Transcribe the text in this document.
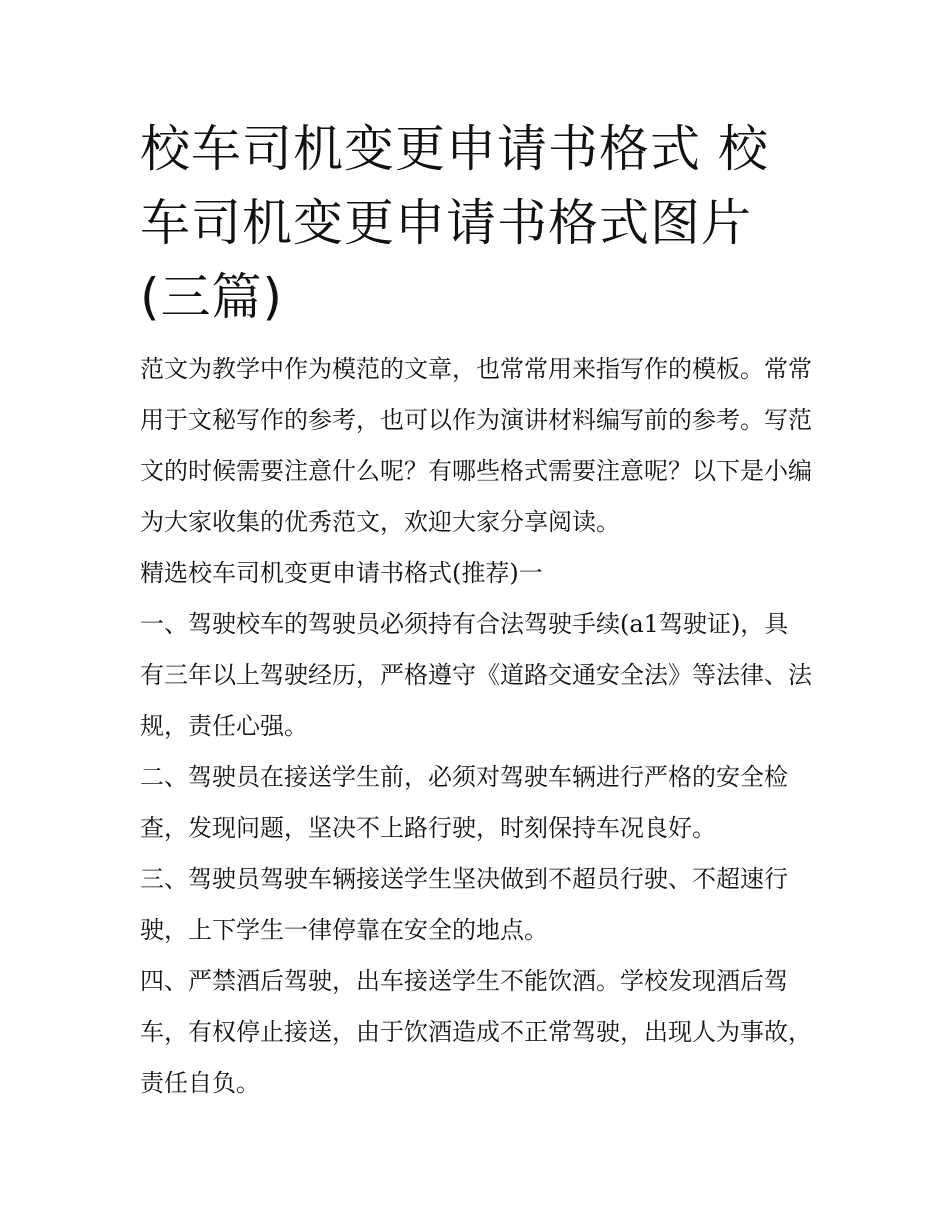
校车司机变更申请书格式 校车司机变更申请书格式图片(三篇)

范文为教学中作为模范的文章，也常常用来指写作的模板。常常用于文秘写作的参考，也可以作为演讲材料编写前的参考。写范文的时候需要注意什么呢？有哪些格式需要注意呢？以下是小编为大家收集的优秀范文，欢迎大家分享阅读。

精选校车司机变更申请书格式(推荐)一

一、驾驶校车的驾驶员必须持有合法驾驶手续(a1驾驶证)，具有三年以上驾驶经历，严格遵守《道路交通安全法》等法律、法规，责任心强。

二、驾驶员在接送学生前，必须对驾驶车辆进行严格的安全检查，发现问题，坚决不上路行驶，时刻保持车况良好。

三、驾驶员驾驶车辆接送学生坚决做到不超员行驶、不超速行驶，上下学生一律停靠在安全的地点。

四、严禁酒后驾驶，出车接送学生不能饮酒。学校发现酒后驾车，有权停止接送，由于饮酒造成不正常驾驶，出现人为事故，责任自负。
